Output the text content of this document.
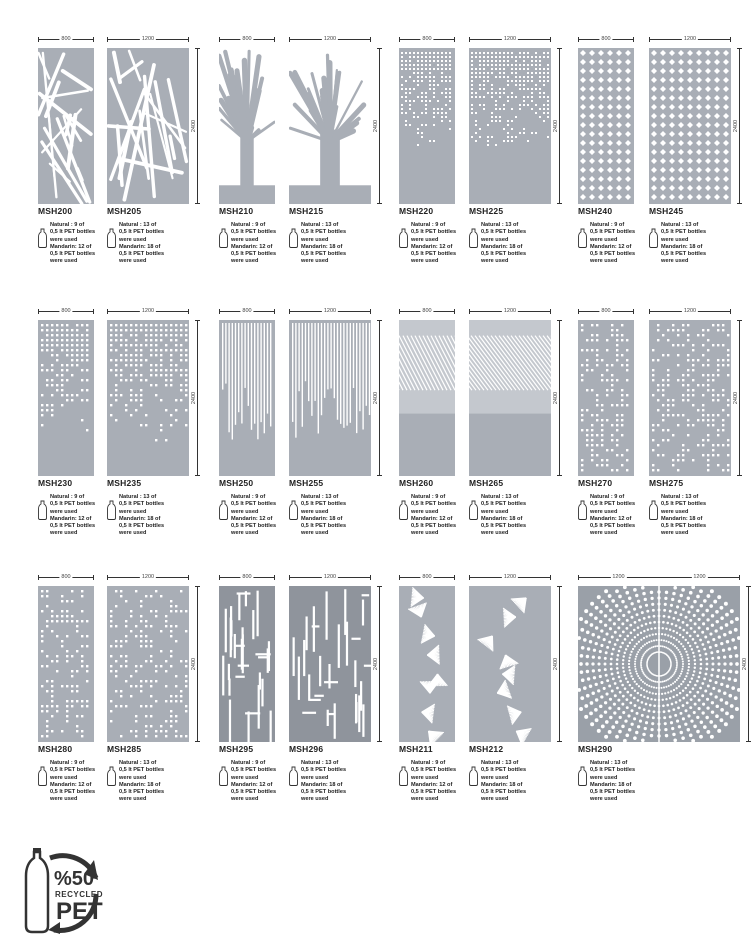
800
MSH200
Natural : 9 of
0,5 lt PET bottles
were used
Mandarin: 12 of
0,5 lt PET bottles
were used
1200
2400
MSH205
Natural : 13 of
0,5 lt PET bottles
were used
Mandarin: 18 of
0,5 lt PET bottles
were used
800
MSH210
Natural : 9 of
0,5 lt PET bottles
were used
Mandarin: 12 of
0,5 lt PET bottles
were used
1200
2400
MSH215
Natural : 13 of
0,5 lt PET bottles
were used
Mandarin: 18 of
0,5 lt PET bottles
were used
800
MSH220
Natural : 9 of
0,5 lt PET bottles
were used
Mandarin: 12 of
0,5 lt PET bottles
were used
1200
2400
MSH225
Natural : 13 of
0,5 lt PET bottles
were used
Mandarin: 18 of
0,5 lt PET bottles
were used
800
MSH240
Natural : 9 of
0,5 lt PET bottles
were used
Mandarin: 12 of
0,5 lt PET bottles
were used
1200
2400
MSH245
Natural : 13 of
0,5 lt PET bottles
were used
Mandarin: 18 of
0,5 lt PET bottles
were used
800
MSH230
Natural : 9 of
0,5 lt PET bottles
were used
Mandarin: 12 of
0,5 lt PET bottles
were used
1200
2400
MSH235
Natural : 13 of
0,5 lt PET bottles
were used
Mandarin: 18 of
0,5 lt PET bottles
were used
800
MSH250
Natural : 9 of
0,5 lt PET bottles
were used
Mandarin: 12 of
0,5 lt PET bottles
were used
1200
2400
MSH255
Natural : 13 of
0,5 lt PET bottles
were used
Mandarin: 18 of
0,5 lt PET bottles
were used
800
MSH260
Natural : 9 of
0,5 lt PET bottles
were used
Mandarin: 12 of
0,5 lt PET bottles
were used
1200
2400
MSH265
Natural : 13 of
0,5 lt PET bottles
were used
Mandarin: 18 of
0,5 lt PET bottles
were used
800
MSH270
Natural : 9 of
0,5 lt PET bottles
were used
Mandarin: 12 of
0,5 lt PET bottles
were used
1200
2400
MSH275
Natural : 13 of
0,5 lt PET bottles
were used
Mandarin: 18 of
0,5 lt PET bottles
were used
800
MSH280
Natural : 9 of
0,5 lt PET bottles
were used
Mandarin: 12 of
0,5 lt PET bottles
were used
1200
2400
MSH285
Natural : 13 of
0,5 lt PET bottles
were used
Mandarin: 18 of
0,5 lt PET bottles
were used
800
MSH295
Natural : 9 of
0,5 lt PET bottles
were used
Mandarin: 12 of
0,5 lt PET bottles
were used
1200
2400
MSH296
Natural : 13 of
0,5 lt PET bottles
were used
Mandarin: 18 of
0,5 lt PET bottles
were used
800
MSH211
Natural : 9 of
0,5 lt PET bottles
were used
Mandarin: 12 of
0,5 lt PET bottles
were used
1200
2400
MSH212
Natural : 13 of
0,5 lt PET bottles
were used
Mandarin: 18 of
0,5 lt PET bottles
were used
1200	1200
2400
MSH290
Natural : 13 of
0,5 lt PET bottles
were used
Mandarin: 18 of
0,5 lt PET bottles
were used
%50
RECYCLED
PET
